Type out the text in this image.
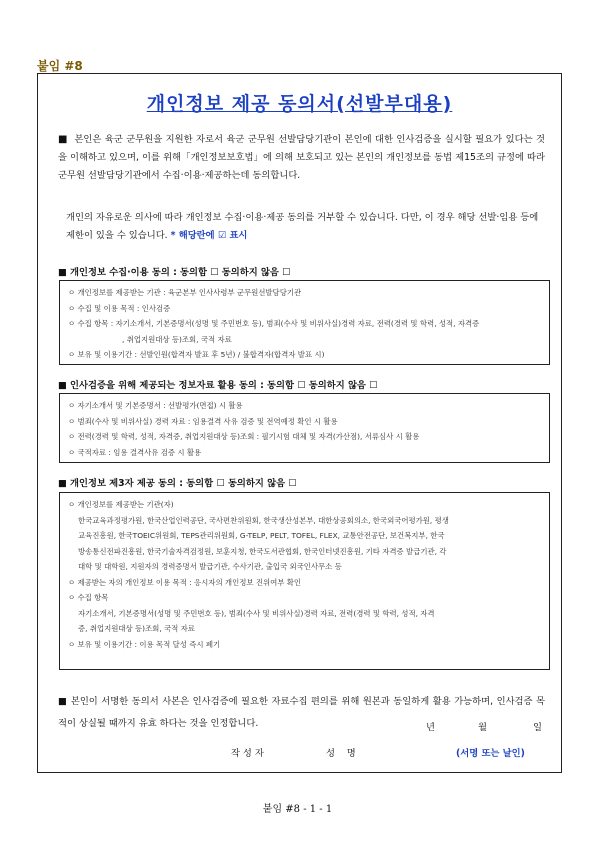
붙임 #8
개인정보 제공 동의서(선발부대용)
■ 본인은 육군 군무원을 지원한 자로서 육군 군무원 선발담당기관이 본인에 대한 인사검증을 실시할 필요가 있다는 것을 이해하고 있으며, 이를 위해「개인정보보호법」에 의해 보호되고 있는 본인의 개인정보를 동법 제15조의 규정에 따라 군무원 선발담당기관에서 수집·이용·제공하는데 동의합니다.
개인의 자유로운 의사에 따라 개인정보 수집·이용·제공 동의를 거부할 수 있습니다. 다만, 이 경우 해당 선발·임용 등에 제한이 있을 수 있습니다. * 해당란에 ☑ 표시
■ 개인정보 수집·이용 동의 : 동의함 ☐ 동의하지 않음 ☐

ㅇ 개인정보를 제공받는 기관 : 육군본부 인사사령부 군무원선발담당기관

ㅇ 수집 및 이용 목적 : 인사검증

ㅇ 수집 항목 : 자기소개서, 기본증명서(성명 및 주민번호 등), 범죄(수사 및 비위사실)경력 자료, 전력(경력 및 학력, 성적, 자격증

, 취업지원대상 등)조회, 국적 자료

ㅇ 보유 및 이용기간 : 선발인원(합격자 발표 후 5년) / 불합격자(합격자 발표 시)

■ 인사검증을 위해 제공되는 정보자료 활용 동의 : 동의함 ☐ 동의하지 않음 ☐

ㅇ 자기소개서 및 기본증명서 : 선발평가(면접) 시 활용

ㅇ 범죄(수사 및 비위사실) 경력 자료 : 임용결격 사유 검증 및 전역예정 확인 시 활용

ㅇ 전력(경력 및 학력, 성적, 자격증, 취업지원대상 등)조회 : 필기시험 대체 및 자격(가산점), 서류심사 시 활용

ㅇ 국적자료 : 임용 결격사유 검증 시 활용

■ 개인정보 제3자 제공 동의 : 동의함 ☐ 동의하지 않음 ☐

ㅇ 개인정보를 제공받는 기관(자)

한국교육과정평가원, 한국산업인력공단, 국사편찬위원회, 한국생산성본부, 대한상공회의소, 한국외국어평가원, 평생

교육진흥원, 한국TOEIC위원회, TEPS관리위원회, G-TELP, PELT, TOFEL, FLEX, 교통안전공단, 보건복지부, 한국

방송통신전파진흥원, 한국기술자격검정원, 보훈지청, 한국도서관협회, 한국인터넷진흥원, 기타 자격증 발급기관, 각

대학 및 대학원, 지원자의 경력증명서 발급기관, 수사기관, 출입국 외국인사무소 등

ㅇ 제공받는 자의 개인정보 이용 목적 : 응시자의 개인정보 진위여부 확인

ㅇ 수집 항목

자기소개서, 기본증명서(성명 및 주민번호 등), 범죄(수사 및 비위사실)경력 자료, 전력(경력 및 학력, 성적, 자격

증, 취업지원대상 등)조회, 국적 자료

ㅇ 보유 및 이용기간 : 이용 목적 달성 즉시 폐기

■ 본인이 서명한 동의서 사본은 인사검증에 필요한 자료수집 편의를 위해 원본과 동일하게 활용 가능하며, 인사검증 목적이 상실될 때까지 유효 하다는 것을 인정합니다.	년	월	일
작 성 자	성    명	(서명 또는 날인)
붙임 #8 - 1 - 1
